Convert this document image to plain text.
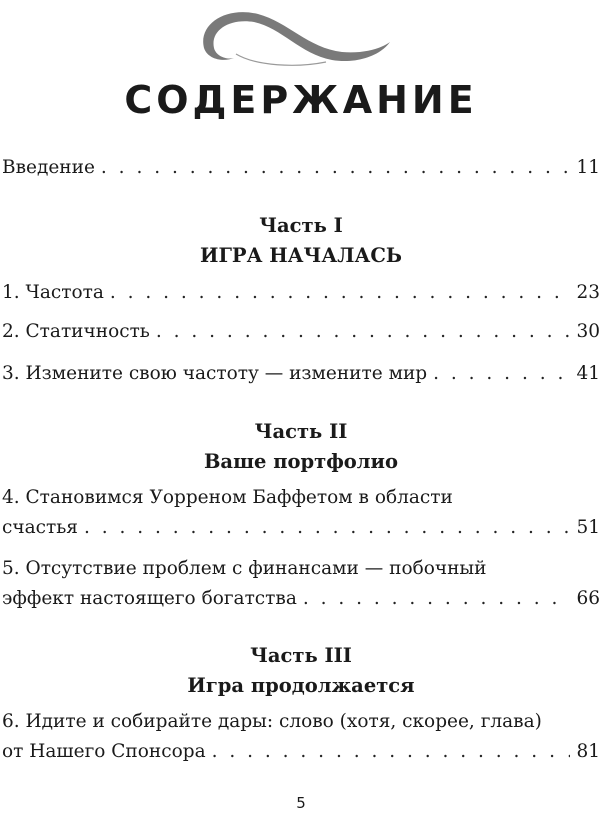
СОДЕРЖАНИЕ
Введение . . .	11
Часть I
ИГРА НАЧАЛАСЬ
1. Частота . . .	23
2. Статичность . . .	30
3. Измените свою частоту — измените мир . . .	41
Часть II
Ваше портфолио
4. Становимся Уорреном Баффетом в области
счастья . . .	51
5. Отсутствие проблем с финансами — побочный
эффект настоящего богатства . . .	66
Часть III
Игра продолжается
6. Идите и собирайте дары: слово (хотя, скорее, глава)
от Нашего Спонсора . . .	81
5
